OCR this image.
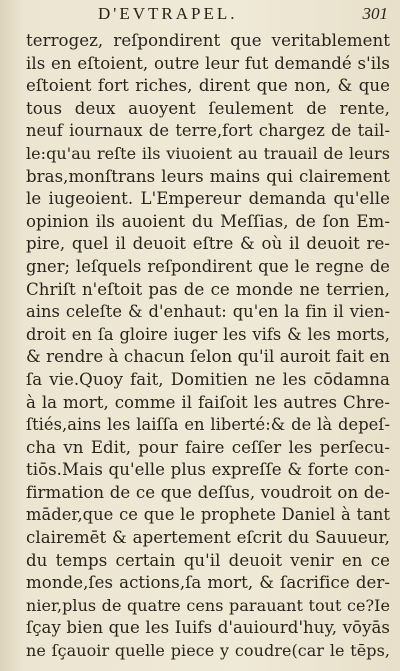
D'EVTRAPEL.	301
terrogez, reſpondirent que veritablement
ils en eſtoient, outre leur fut demandé s'ils
eſtoient fort riches, dirent que non, & que
tous deux auoyent ſeulement de rente,
neuf iournaux de terre,fort chargez de tail-
le:qu'au reſte ils viuoient au trauail de leurs
bras,monſtrans leurs mains qui clairement
le iugeoient. L'Empereur demanda qu'elle
opinion ils auoient du Meſſias, de ſon Em-
pire, quel il deuoit eſtre & où il deuoit re-
gner; leſquels reſpondirent que le regne de
Chriſt n'eſtoit pas de ce monde ne terrien,
ains celeſte & d'enhaut: qu'en la fin il vien-
droit en ſa gloire iuger les vifs & les morts,
& rendre à chacun ſelon qu'il auroit fait en
ſa vie.Quoy fait, Domitien ne les cōdamna
à la mort, comme il faiſoit les autres Chre-
ſtiés,ains les laiſſa en liberté:& de là depeſ-
cha vn Edit, pour faire ceſſer les perſecu-
tiōs.Mais qu'elle plus expreſſe & forte con-
firmation de ce que deſſus, voudroit on de-
māder,que ce que le prophete Daniel à tant
clairemēt & apertement eſcrit du Sauueur,
du temps certain qu'il deuoit venir en ce
monde,ſes actions,ſa mort, & ſacrifice der-
nier,plus de quatre cens parauant tout ce?Ie
ſçay bien que les Iuifs d'auiourd'huy, vōyās
ne ſçauoir quelle piece y coudre(car le tēps,
